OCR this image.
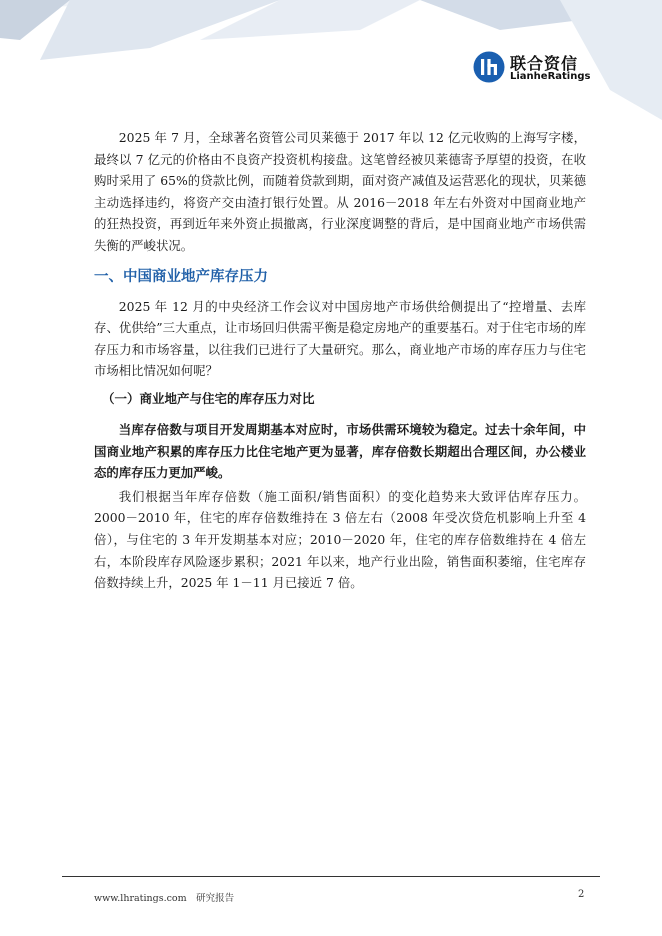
联合资信
LianheRatings

2025 年 7 月，全球著名资管公司贝莱德于 2017 年以 12 亿元收购的上海写字楼，最终以 7 亿元的价格由不良资产投资机构接盘。这笔曾经被贝莱德寄予厚望的投资，在收购时采用了 65%的贷款比例，而随着贷款到期，面对资产减值及运营恶化的现状，贝莱德主动选择违约，将资产交由渣打银行处置。从 2016－2018 年左右外资对中国商业地产的狂热投资，再到近年来外资止损撤离，行业深度调整的背后，是中国商业地产市场供需失衡的严峻状况。

一、中国商业地产库存压力

2025 年 12 月的中央经济工作会议对中国房地产市场供给侧提出了“控增量、去库存、优供给”三大重点，让市场回归供需平衡是稳定房地产的重要基石。对于住宅市场的库存压力和市场容量，以往我们已进行了大量研究。那么，商业地产市场的库存压力与住宅市场相比情况如何呢？

（一）商业地产与住宅的库存压力对比

当库存倍数与项目开发周期基本对应时，市场供需环境较为稳定。过去十余年间，中国商业地产积累的库存压力比住宅地产更为显著，库存倍数长期超出合理区间，办公楼业态的库存压力更加严峻。

我们根据当年库存倍数（施工面积/销售面积）的变化趋势来大致评估库存压力。2000－2010 年，住宅的库存倍数维持在 3 倍左右（2008 年受次贷危机影响上升至 4 倍），与住宅的 3 年开发期基本对应；2010－2020 年，住宅的库存倍数维持在 4 倍左右，本阶段库存风险逐步累积；2021 年以来，地产行业出险，销售面积萎缩，住宅库存倍数持续上升，2025 年 1－11 月已接近 7 倍。

www.lhratings.com　研究报告	2
